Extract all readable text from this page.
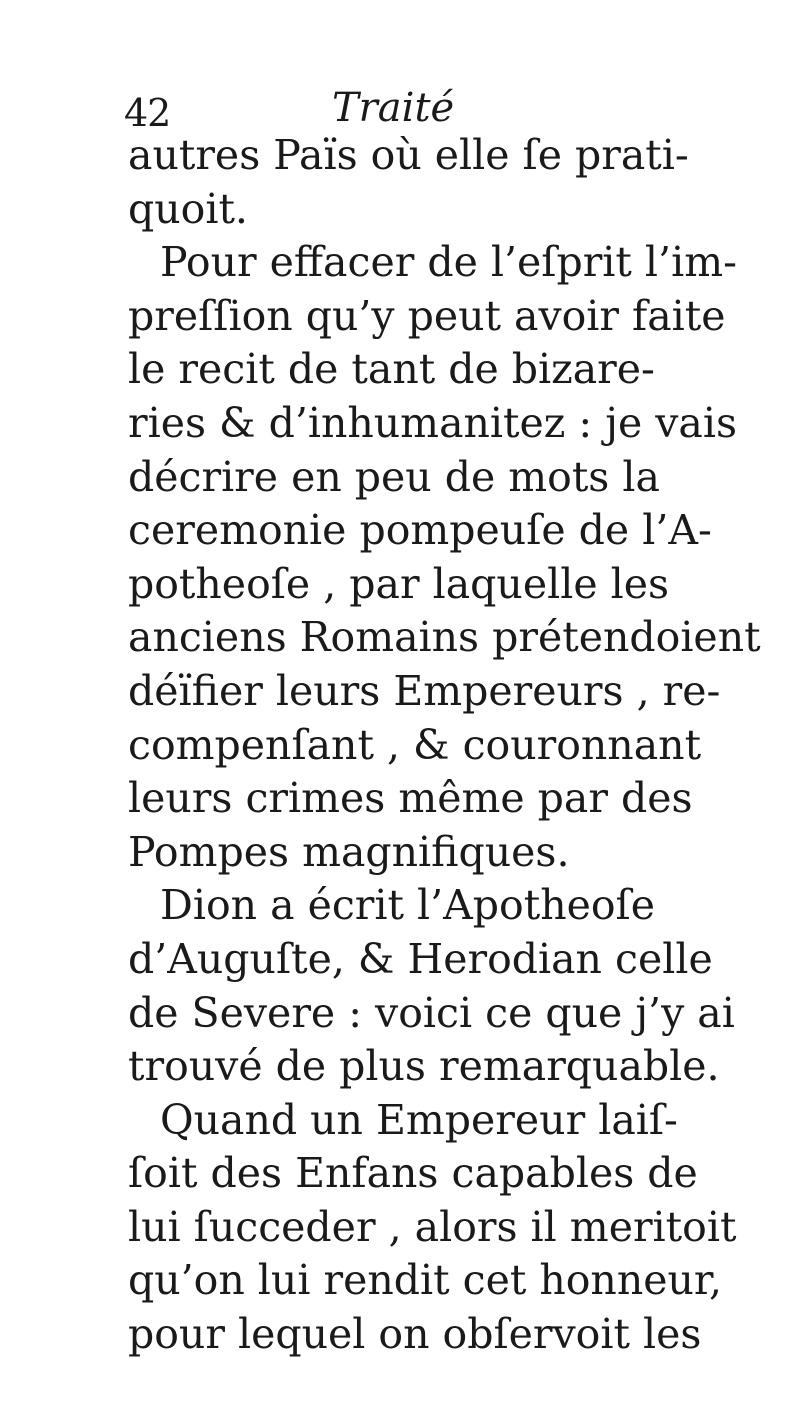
42	Traité
autres Païs où elle ſe prati-
quoit.
Pour effacer de l’eſprit l’im-
preſſion qu’y peut avoir faite
le recit de tant de bizare-
ries & d’inhumanitez : je vais
décrire en peu de mots la
ceremonie pompeuſe de l’A-
potheoſe , par laquelle les
anciens Romains prétendoient
déïfier leurs Empereurs , re-
compenſant , & couronnant
leurs crimes même par des
Pompes magnifiques.
Dion a écrit l’Apotheoſe
d’Auguſte, & Herodian celle
de Severe : voici ce que j’y ai
trouvé de plus remarquable.
Quand un Empereur laiſ-
ſoit des Enfans capables de
lui ſucceder , alors il meritoit
qu’on lui rendit cet honneur,
pour lequel on obſervoit les
